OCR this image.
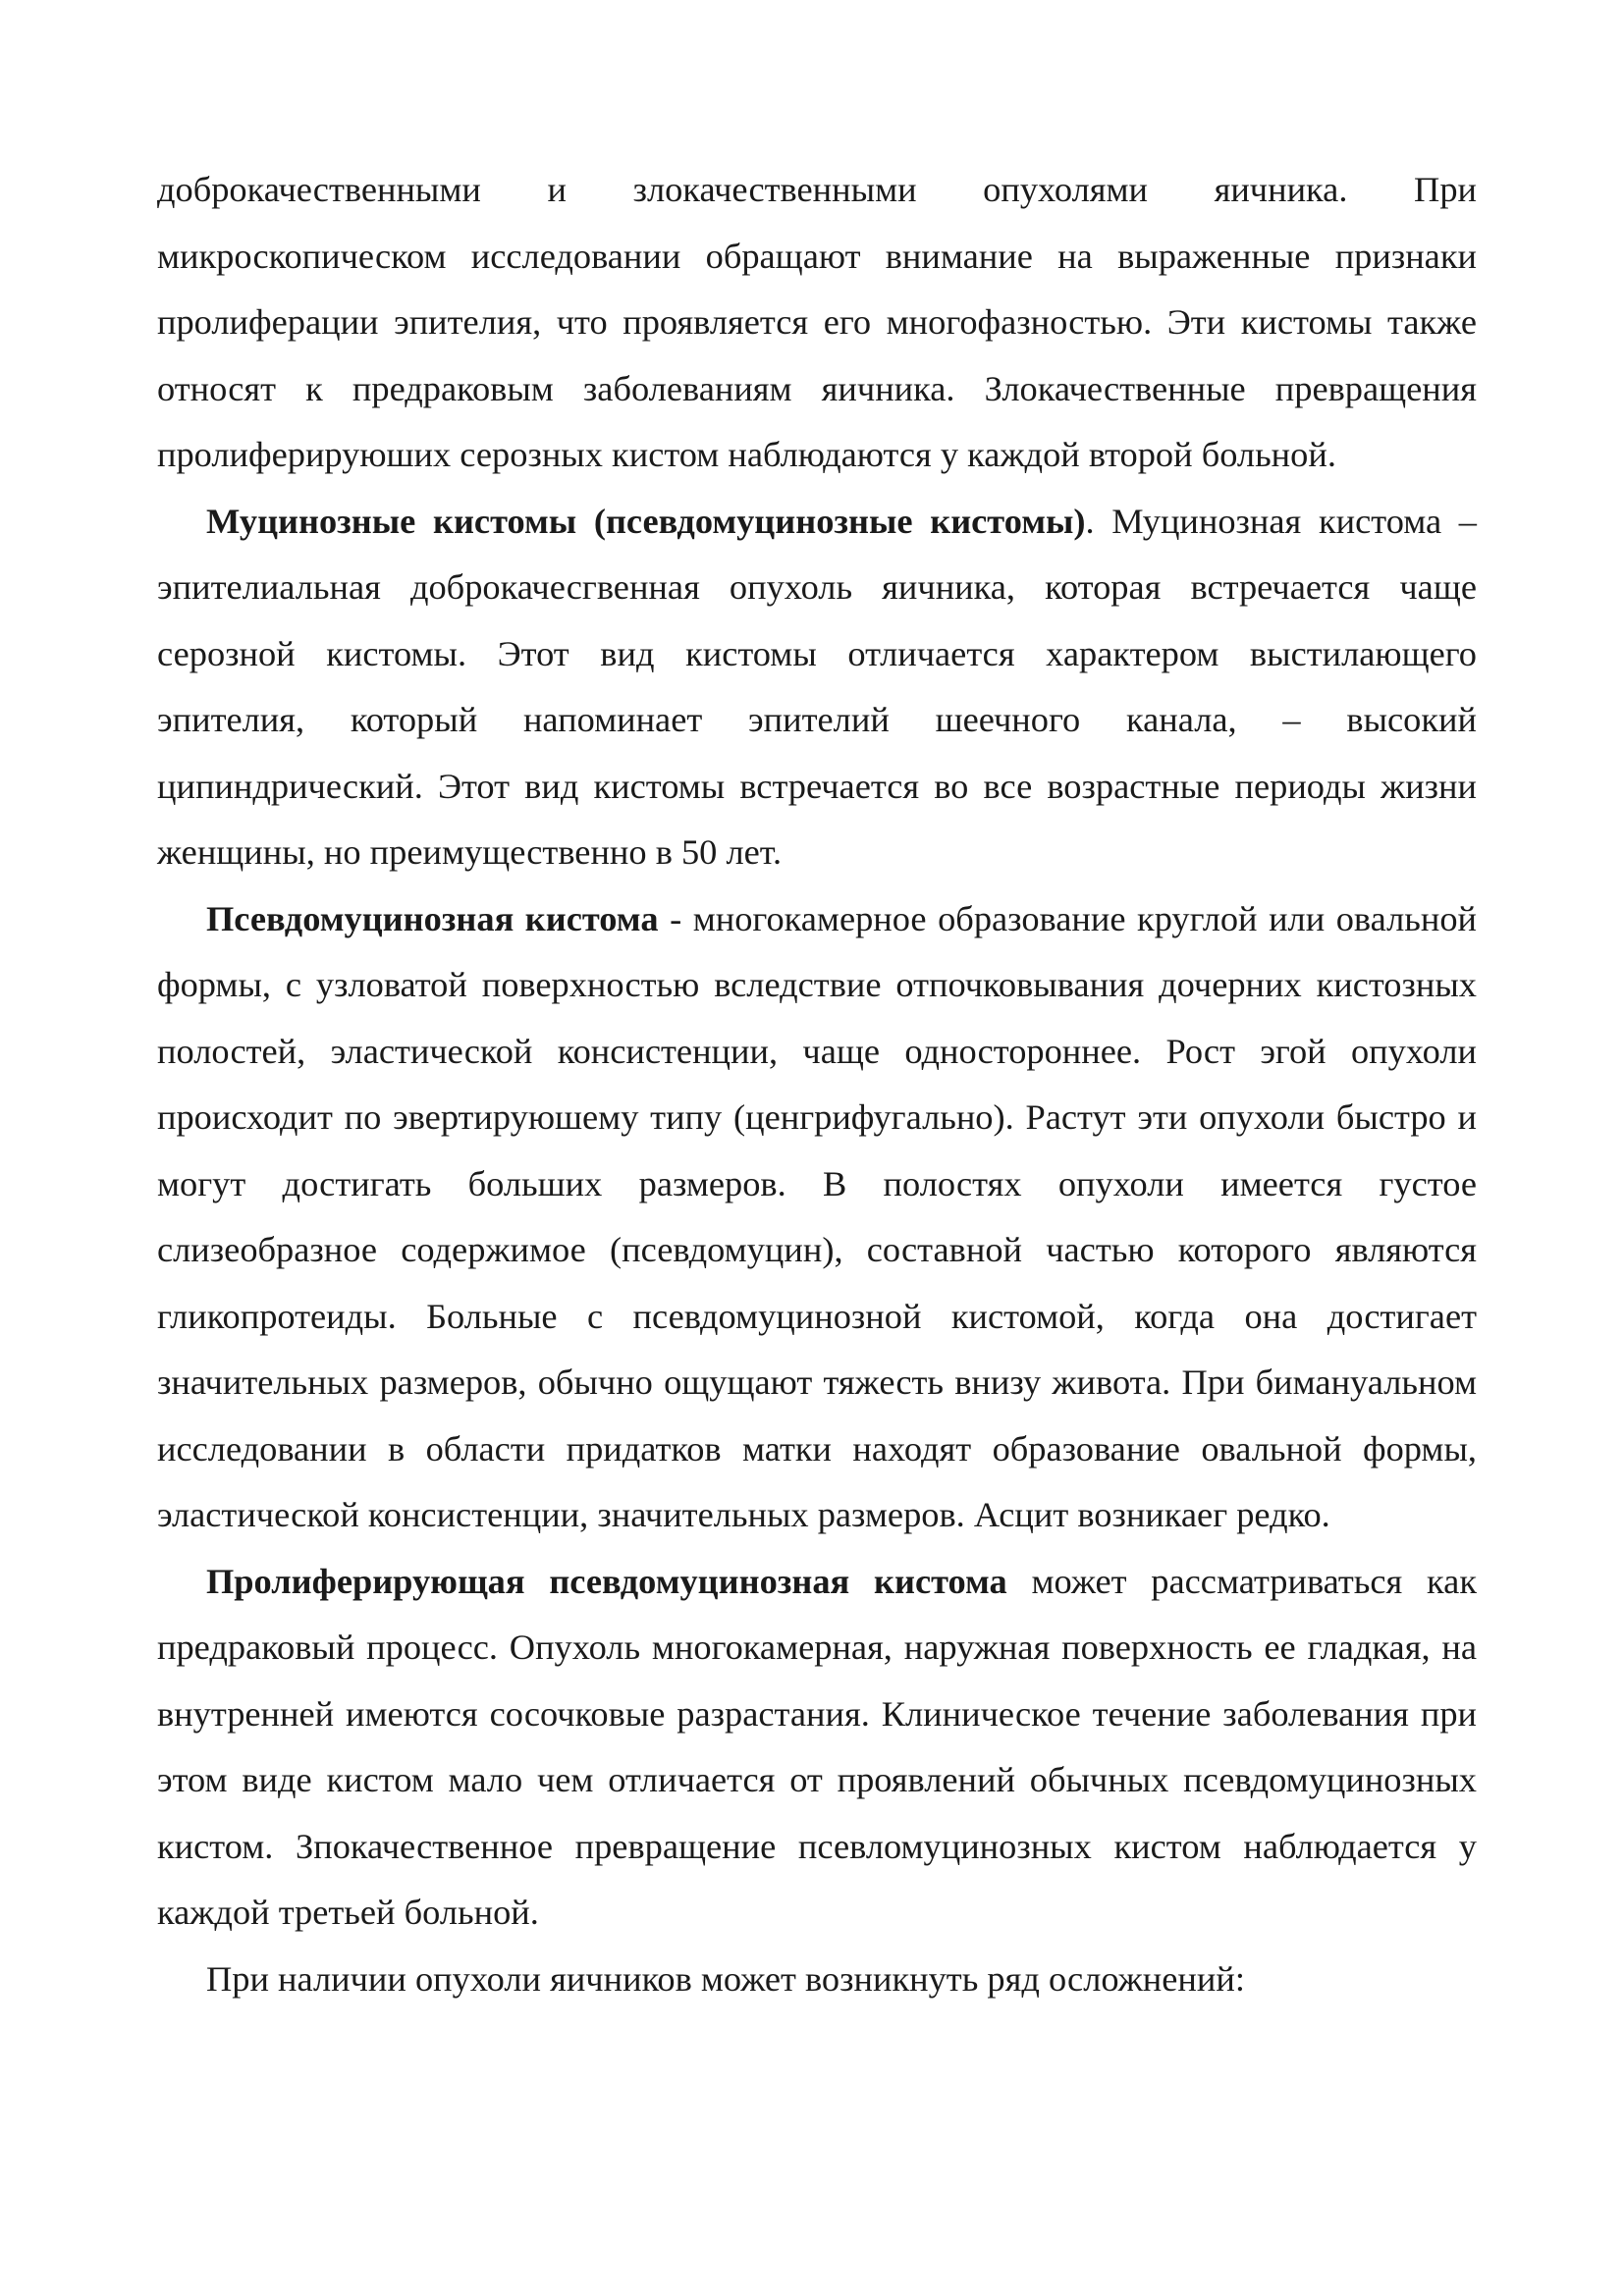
доброкачественными и злокачественными опухолями яичника. При микроскопическом исследовании обращают внимание на выраженные признаки пролиферации эпителия, что проявляется его многофазностью. Эти кистомы также относят к предраковым заболеваниям яичника. Злокачественные превращения пролиферируюших серозных кистом наблюдаются у каждой второй больной.

Муцинозные кистомы (псевдомуцинозные кистомы). Муцинозная кистома – эпителиальная доброкачесгвенная опухоль яичника, которая встречается чаще серозной кистомы. Этот вид кистомы отличается характером выстилающего эпителия, который напоминает эпителий шеечного канала, – высокий ципиндрический. Этот вид кистомы встречается во все возрастные периоды жизни женщины, но преимущественно в 50 лет.

Псевдомуцинозная кистома - многокамерное образование круглой или овальной формы, с узловатой поверхностью вследствие отпочковывания дочерних кистозных полостей, эластической консистенции, чаще одностороннее. Рост эгой опухоли происходит по эвертируюшему типу (ценгрифугально). Растут эти опухоли быстро и могут достигать больших размеров. В полостях опухоли имеется густое слизеобразное содержимое (псевдомуцин), составной частью которого являются гликопротеиды. Больные с псевдомуцинозной кистомой, когда она достигает значительных размеров, обычно ощущают тяжесть внизу живота. При бимануальном исследовании в области придатков матки находят образование овальной формы, эластической консистенции, значительных размеров. Асцит возникаег редко.

Пролиферирующая псевдомуцинозная кистома может рассматриваться как предраковый процесс. Опухоль многокамерная, наружная поверхность ее гладкая, на внутренней имеются сосочковые разрастания. Клиническое течение заболевания при этом виде кистом мало чем отличается от проявлений обычных псевдомуцинозных кистом. Зпокачественное превращение псевломуцинозных кистом наблюдается у каждой третьей больной.

При наличии опухоли яичников может возникнуть ряд осложнений:
